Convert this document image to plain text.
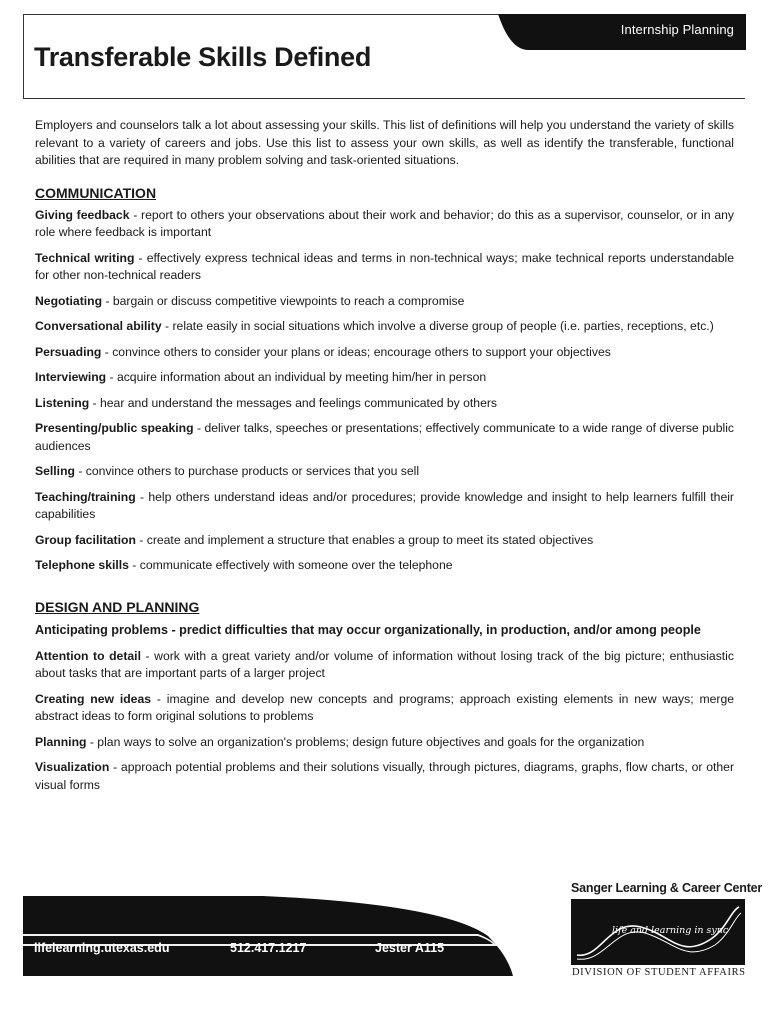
Internship Planning
Transferable Skills Defined

Employers and counselors talk a lot about assessing your skills. This list of definitions will help you understand the variety of skills relevant to a variety of careers and jobs. Use this list to assess your own skills, as well as identify the transferable, functional abilities that are required in many problem solving and task-oriented situations.

COMMUNICATION

Giving feedback - report to others your observations about their work and behavior; do this as a supervisor, counselor, or in any role where feedback is important

Technical writing - effectively express technical ideas and terms in non-technical ways; make technical reports understandable for other non-technical readers

Negotiating - bargain or discuss competitive viewpoints to reach a compromise

Conversational ability - relate easily in social situations which involve a diverse group of people (i.e. parties, receptions, etc.)

Persuading - convince others to consider your plans or ideas; encourage others to support your objectives

Interviewing - acquire information about an individual by meeting him/her in person

Listening - hear and understand the messages and feelings communicated by others

Presenting/public speaking - deliver talks, speeches or presentations; effectively communicate to a wide range of diverse public audiences

Selling - convince others to purchase products or services that you sell

Teaching/training - help others understand ideas and/or procedures; provide knowledge and insight to help learners fulfill their capabilities

Group facilitation - create and implement a structure that enables a group to meet its stated objectives

Telephone skills - communicate effectively with someone over the telephone

DESIGN AND PLANNING

Anticipating problems - predict difficulties that may occur organizationally, in production, and/or among people

Attention to detail - work with a great variety and/or volume of information without losing track of the big picture; enthusiastic about tasks that are important parts of a larger project

Creating new ideas - imagine and develop new concepts and programs; approach existing elements in new ways; merge abstract ideas to form original solutions to problems

Planning - plan ways to solve an organization's problems; design future objectives and goals for the organization

Visualization - approach potential problems and their solutions visually, through pictures, diagrams, graphs, flow charts, or other visual forms

lifelearning.utexas.edu	512.417.1217	Jester A115
Sanger Learning & Career Center
life and learning in sync
DIVISION OF STUDENT AFFAIRS
